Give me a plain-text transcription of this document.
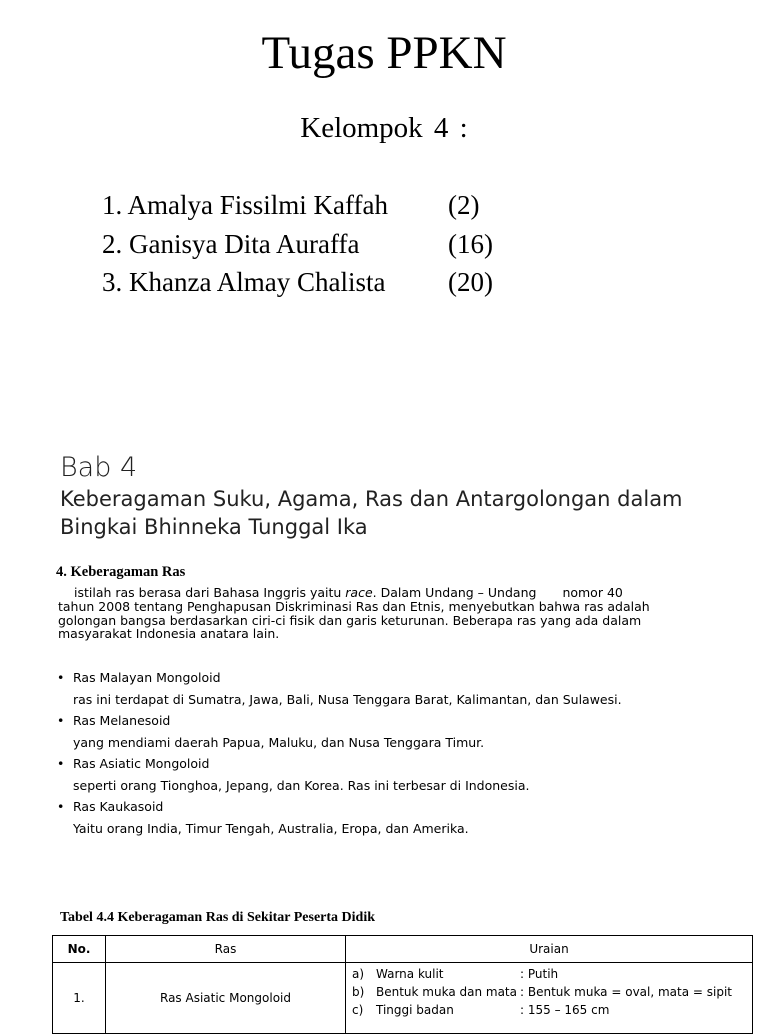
Tugas PPKN
Kelompok 4 :
1. Amalya Fissilmi Kaffah (2)
2. Ganisya Dita Auraffa	(16)
3. Khanza Almay Chalista (20)
Bab 4
Keberagaman Suku, Agama, Ras dan Antargolongan dalam
Bingkai Bhinneka Tunggal Ika
4. Keberagaman Ras
istilah ras berasa dari Bahasa Inggris yaitu race. Dalam Undang – Undang nomor 40
tahun 2008 tentang Penghapusan Diskriminasi Ras dan Etnis, menyebutkan bahwa ras adalah
golongan bangsa berdasarkan ciri-ci fisik dan garis keturunan. Beberapa ras yang ada dalam
masyarakat Indonesia anatara lain.
• Ras Malayan Mongoloid
ras ini terdapat di Sumatra, Jawa, Bali, Nusa Tenggara Barat, Kalimantan, dan Sulawesi.
• Ras Melanesoid
yang mendiami daerah Papua, Maluku, dan Nusa Tenggara Timur.
• Ras Asiatic Mongoloid
seperti orang Tionghoa, Jepang, dan Korea. Ras ini terbesar di Indonesia.
• Ras Kaukasoid
Yaitu orang India, Timur Tengah, Australia, Eropa, dan Amerika.
Tabel 4.4 Keberagaman Ras di Sekitar Peserta Didik
No.	Ras	Uraian
1.	Ras Asiatic Mongoloid	a) Warna kulit : Putih
b) Bentuk muka dan mata : Bentuk muka = oval, mata = sipit
c) Tinggi badan : 155 – 165 cm
